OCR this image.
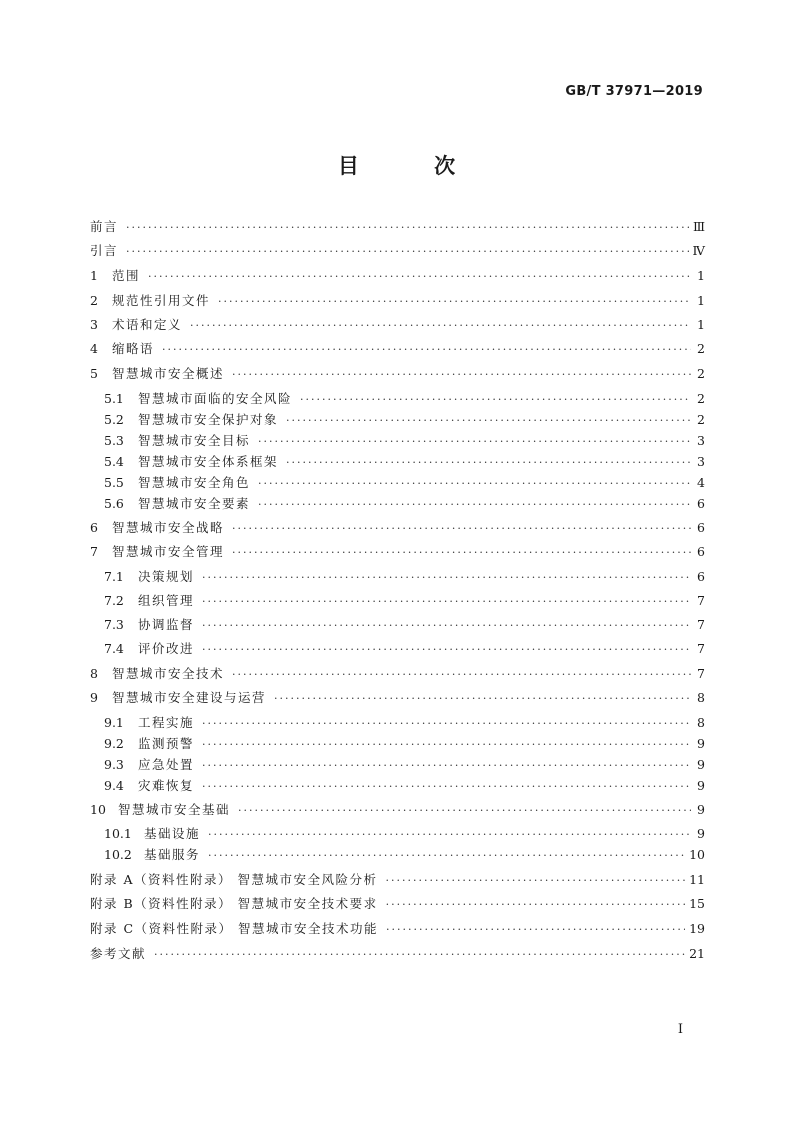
GB/T 37971—2019
目 次
前言 ·····	Ⅲ
引言 ·····	Ⅳ
1	范围 ·····	1
2	规范性引用文件 ·····	1
3	术语和定义 ·····	1
4	缩略语 ·····	2
5	智慧城市安全概述 ·····	2
5.1	智慧城市面临的安全风险 ·····	2
5.2	智慧城市安全保护对象 ·····	2
5.3	智慧城市安全目标 ·····	3
5.4	智慧城市安全体系框架 ·····	3
5.5	智慧城市安全角色 ·····	4
5.6	智慧城市安全要素 ·····	6
6	智慧城市安全战略 ·····	6
7	智慧城市安全管理 ·····	6
7.1	决策规划 ·····	6
7.2	组织管理 ·····	7
7.3	协调监督 ·····	7
7.4	评价改进 ·····	7
8	智慧城市安全技术 ·····	7
9	智慧城市安全建设与运营 ·····	8
9.1	工程实施 ·····	8
9.2	监测预警 ·····	9
9.3	应急处置 ·····	9
9.4	灾难恢复 ·····	9
10 智慧城市安全基础 ·····	9
10.1 基础设施 ·····	9
10.2 基础服务 ·····	10
附录 A（资料性附录） 智慧城市安全风险分析 ·····	11
附录 B（资料性附录） 智慧城市安全技术要求 ·····	15
附录 C（资料性附录） 智慧城市安全技术功能 ·····	19
参考文献 ·····	21
I
